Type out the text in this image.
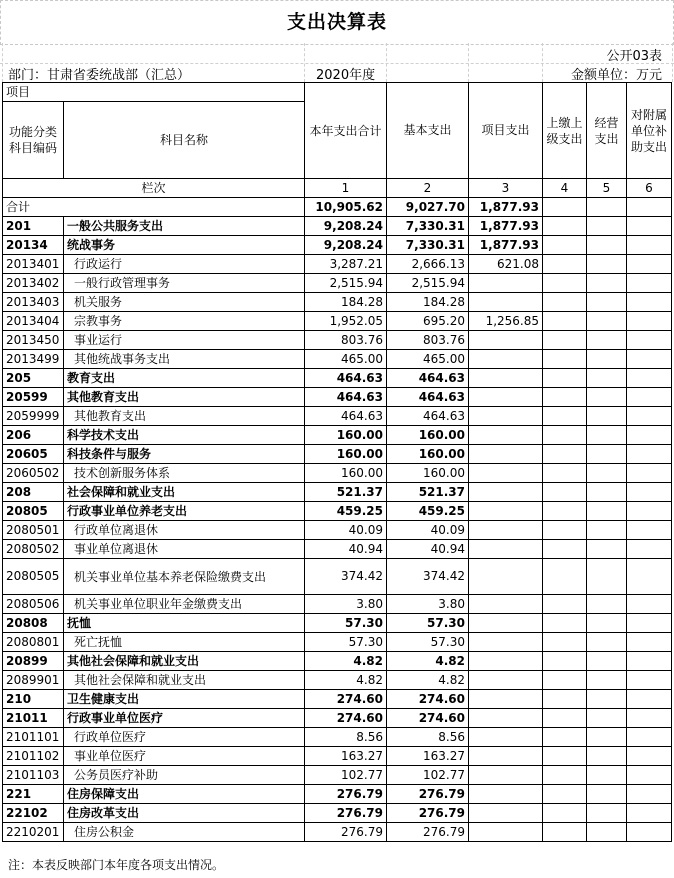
支出决算表
公开03表
部门：甘肃省委统战部（汇总）	2020年度	金额单位：万元
项目		本年支出合计	基本支出	项目支出	上缴上级支出	经营支出	对附属单位补助支出
功能分类科目编码	科目名称						
栏次		1	2	3	4	5	6
合计		10,905.62	9,027.70	1,877.93			
201	一般公共服务支出	9,208.24	7,330.31	1,877.93			
20134	统战事务	9,208.24	7,330.31	1,877.93			
2013401	行政运行	3,287.21	2,666.13	621.08			
2013402	一般行政管理事务	2,515.94	2,515.94				
2013403	机关服务	184.28	184.28				
2013404	宗教事务	1,952.05	695.20	1,256.85			
2013450	事业运行	803.76	803.76				
2013499	其他统战事务支出	465.00	465.00				
205	教育支出	464.63	464.63				
20599	其他教育支出	464.63	464.63				
2059999	其他教育支出	464.63	464.63				
206	科学技术支出	160.00	160.00				
20605	科技条件与服务	160.00	160.00				
2060502	技术创新服务体系	160.00	160.00				
208	社会保障和就业支出	521.37	521.37				
20805	行政事业单位养老支出	459.25	459.25				
2080501	行政单位离退休	40.09	40.09				
2080502	事业单位离退休	40.94	40.94				
2080505	机关事业单位基本养老保险缴费支出	374.42	374.42				
2080506	机关事业单位职业年金缴费支出	3.80	3.80				
20808	抚恤	57.30	57.30				
2080801	死亡抚恤	57.30	57.30				
20899	其他社会保障和就业支出	4.82	4.82				
2089901	其他社会保障和就业支出	4.82	4.82				
210	卫生健康支出	274.60	274.60				
21011	行政事业单位医疗	274.60	274.60				
2101101	行政单位医疗	8.56	8.56				
2101102	事业单位医疗	163.27	163.27				
2101103	公务员医疗补助	102.77	102.77				
221	住房保障支出	276.79	276.79				
22102	住房改革支出	276.79	276.79				
2210201	住房公积金	276.79	276.79				
注：本表反映部门本年度各项支出情况。
